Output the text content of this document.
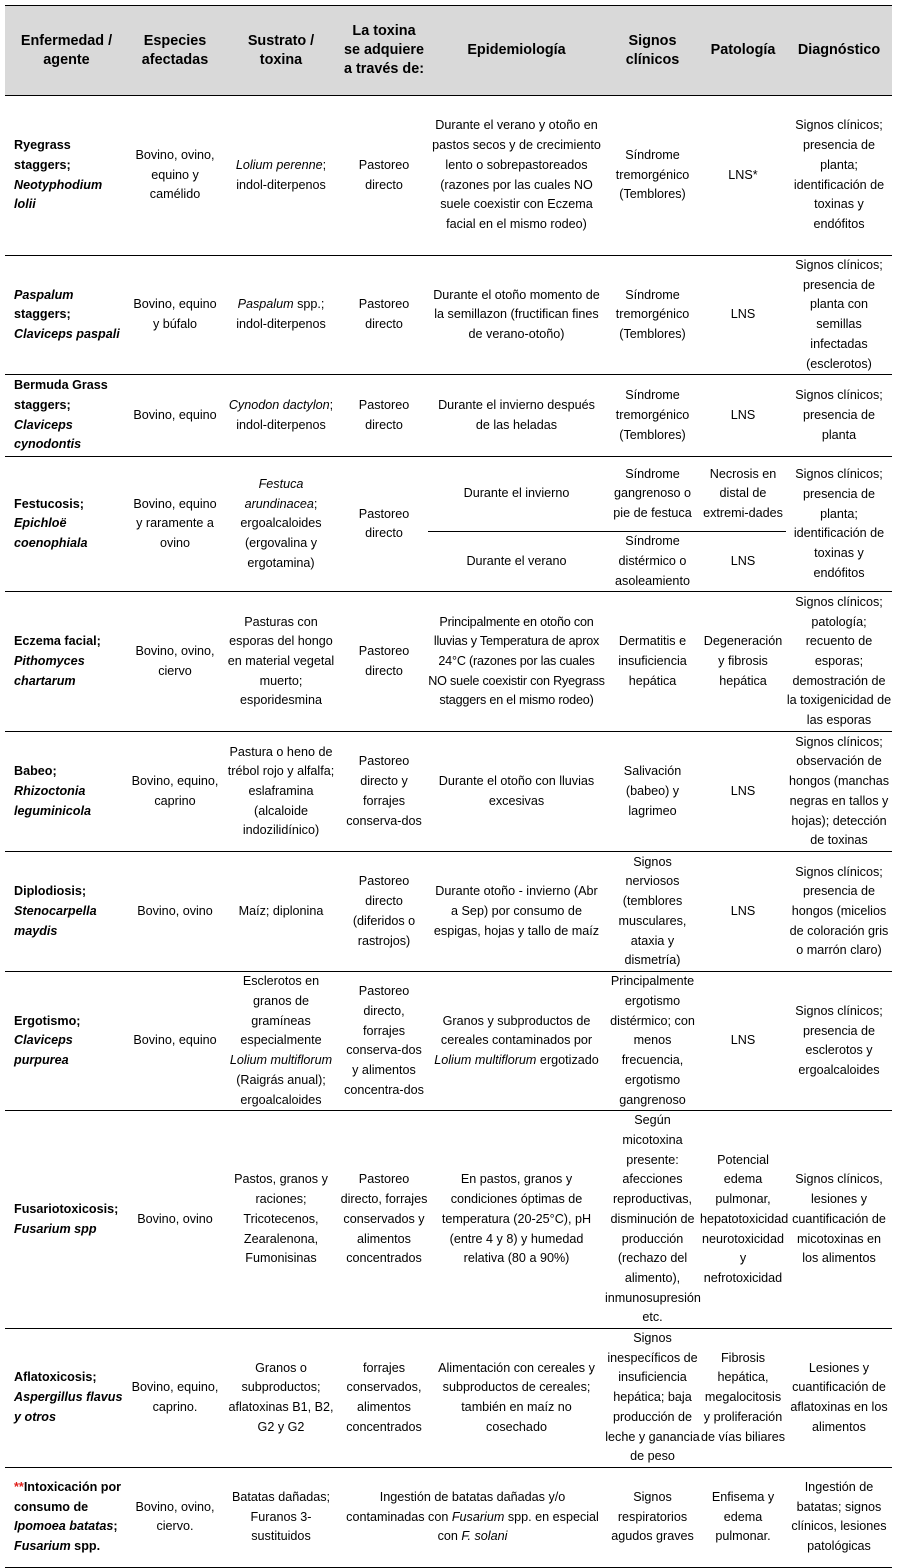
Enfermedad / agente	Especies afectadas	Sustrato / toxina	La toxina se adquiere a través de:	Epidemiología	Signos clínicos	Patología	Diagnóstico
Ryegrass staggers;
Neotyphodium lolii	Bovino, ovino, equino y camélido	Lolium perenne; indol-diterpenos	Pastoreo directo	Durante el verano y otoño en pastos secos y de crecimiento lento o sobrepastoreados (razones por las cuales NO suele coexistir con Eczema facial en el mismo rodeo)	Síndrome tremorgénico (Temblores)	LNS*	Signos clínicos; presencia de planta; identificación de toxinas y endófitos
Paspalum staggers;
Claviceps paspali	Bovino, equino y búfalo	Paspalum spp.; indol-diterpenos	Pastoreo directo	Durante el otoño momento de la semillazon (fructifican fines de verano-otoño)	Síndrome tremorgénico (Temblores)	LNS	Signos clínicos; presencia de planta con semillas infectadas (esclerotos)
Bermuda Grass staggers;
Claviceps cynodontis	Bovino, equino	Cynodon dactylon; indol-diterpenos	Pastoreo directo	Durante el invierno después de las heladas	Síndrome tremorgénico (Temblores)	LNS	Signos clínicos; presencia de planta
Festucosis;
Epichloë coenophiala	Bovino, equino y raramente a ovino	Festuca arundinacea; ergoalcaloides (ergovalina y ergotamina)	Pastoreo directo	Durante el invierno	Síndrome gangrenoso o pie de festuca	Necrosis en distal de extremi-dades	Signos clínicos; presencia de planta; identificación de toxinas y endófitos
				Durante el verano	Síndrome distérmico o asoleamiento	LNS	
Eczema facial;
Pithomyces chartarum	Bovino, ovino, ciervo	Pasturas con esporas del hongo en material vegetal muerto; esporidesmina	Pastoreo directo	Principalmente en otoño con lluvias y Temperatura de aprox 24°C (razones por las cuales NO suele coexistir con Ryegrass staggers en el mismo rodeo)	Dermatitis e insuficiencia hepática	Degeneración y fibrosis hepática	Signos clínicos; patología; recuento de esporas; demostración de la toxigenicidad de las esporas
Babeo; Rhizoctonia leguminicola	Bovino, equino, caprino	Pastura o heno de trébol rojo y alfalfa; eslaframina (alcaloide indozilidínico)	Pastoreo directo y forrajes conserva-dos	Durante el otoño con lluvias excesivas	Salivación (babeo) y lagrimeo	LNS	Signos clínicos; observación de hongos (manchas negras en tallos y hojas); detección de toxinas
Diplodiosis;
Stenocarpella maydis	Bovino, ovino	Maíz; diplonina	Pastoreo directo (diferidos o rastrojos)	Durante otoño - invierno (Abr a Sep) por consumo de espigas, hojas y tallo de maíz	Signos nerviosos (temblores musculares, ataxia y dismetría)	LNS	Signos clínicos; presencia de hongos (micelios de coloración gris o marrón claro)
Ergotismo;
Claviceps purpurea	Bovino, equino	Esclerotos en granos de gramíneas especialmente Lolium multiflorum (Raigrás anual); ergoalcaloides	Pastoreo directo, forrajes conserva-dos y alimentos concentra-dos	Granos y subproductos de cereales contaminados por Lolium multiflorum ergotizado	Principalmente ergotismo distérmico; con menos frecuencia, ergotismo gangrenoso	LNS	Signos clínicos; presencia de esclerotos y ergoalcaloides
Fusariotoxicosis;
Fusarium spp	Bovino, ovino	Pastos, granos y raciones; Tricotecenos, Zearalenona, Fumonisinas	Pastoreo directo, forrajes conservados y alimentos concentrados	En pastos, granos y condiciones óptimas de temperatura (20-25°C), pH (entre 4 y 8) y humedad relativa (80 a 90%)	Según micotoxina presente: afecciones reproductivas, disminución de producción (rechazo del alimento), inmunosupresión etc.	Potencial edema pulmonar, hepatotoxicidad neurotoxicidad y nefrotoxicidad	Signos clínicos, lesiones y cuantificación de micotoxinas en los alimentos
Aflatoxicosis;
Aspergillus flavus y otros	Bovino, equino, caprino.	Granos o subproductos; aflatoxinas B1, B2, G2 y G2	forrajes conservados, alimentos concentrados	Alimentación con cereales y subproductos de cereales; también en maíz no cosechado	Signos inespecíficos de insuficiencia hepática; baja producción de leche y ganancia de peso	Fibrosis hepática, megalocitosis y proliferación de vías biliares	Lesiones y cuantificación de aflatoxinas en los alimentos
**Intoxicación por consumo de Ipomoea batatas; Fusarium spp.	Bovino, ovino, ciervo.	Batatas dañadas; Furanos 3-sustituidos	Ingestión de batatas dañadas y/o contaminadas con Fusarium spp. en especial con F. solani		Signos respiratorios agudos graves	Enfisema y edema pulmonar.	Ingestión de batatas; signos clínicos, lesiones patológicas
